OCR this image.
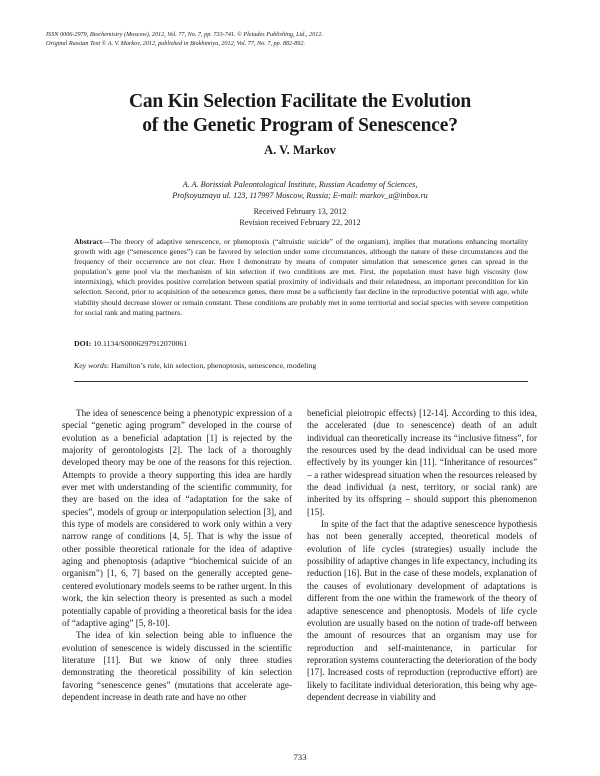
ISSN 0006-2979, Biochemistry (Moscow), 2012, Vol. 77, No. 7, pp. 733-741. © Pleiades Publishing, Ltd., 2012.
Original Russian Text © A. V. Markov, 2012, published in Biokhimiya, 2012, Vol. 77, No. 7, pp. 882-892.
Can Kin Selection Facilitate the Evolution
of the Genetic Program of Senescence?
A. V. Markov
A. A. Borissiak Paleontological Institute, Russian Academy of Sciences,
Profsoyuznaya ul. 123, 117997 Moscow, Russia; E-mail: markov_a@inbox.ru
Received February 13, 2012
Revision received February 22, 2012
Abstract—The theory of adaptive senescence, or phenoptosis (“altruistic suicide” of the organism), implies that mutations enhancing mortality growth with age (“senescence genes”) can be favored by selection under some circumstances, although the nature of these circumstances and the frequency of their occurrence are not clear. Here I demonstrate by means of computer simulation that senescence genes can spread in the population’s gene pool via the mechanism of kin selection if two conditions are met. First, the population must have high viscosity (low intermixing), which provides positive correlation between spatial proximity of individuals and their relatedness, an important precondition for kin selection. Second, prior to acquisition of the senescence genes, there must be a sufficiently fast decline in the reproductive potential with age, while viability should decrease slower or remain constant. These conditions are probably met in some territorial and social species with severe competition for social rank and mating partners.
DOI: 10.1134/S0006297912070061
Key words: Hamilton’s rule, kin selection, phenoptosis, senescence, modeling

The idea of senescence being a phenotypic expression of a special “genetic aging program” developed in the course of evolution as a beneficial adaptation [1] is rejected by the majority of gerontologists [2]. The lack of a thoroughly developed theory may be one of the reasons for this rejection. Attempts to provide a theory supporting this idea are hardly ever met with understanding of the scientific community, for they are based on the idea of “adaptation for the sake of species”, models of group or interpopulation selection [3], and this type of models are considered to work only within a very narrow range of conditions [4, 5]. That is why the issue of other possible theoretical rationale for the idea of adaptive aging and phenoptosis (adaptive “biochemical suicide of an organism”) [1, 6, 7] based on the generally accepted gene-centered evolutionary models seems to be rather urgent. In this work, the kin selection theory is presented as such a model potentially capable of providing a theoretical basis for the idea of “adaptive aging” [5, 8-10].

The idea of kin selection being able to influence the evolution of senescence is widely discussed in the scientific literature [11]. But we know of only three studies demonstrating the theoretical possibility of kin selection favoring “senescence genes” (mutations that accelerate age-dependent increase in death rate and have no other

beneficial pleiotropic effects) [12-14]. According to this idea, the accelerated (due to senescence) death of an adult individual can theoretically increase its “inclusive fitness”, for the resources used by the dead individual can be used more effectively by its younger kin [11]. “Inheritance of resources” – a rather widespread situation when the resources released by the dead individual (a nest, territory, or social rank) are inherited by its offspring – should support this phenomenon [15].

In spite of the fact that the adaptive senescence hypothesis has not been generally accepted, theoretical models of evolution of life cycles (strategies) usually include the possibility of adaptive changes in life expectancy, including its reduction [16]. But in the case of these models, explanation of the causes of evolutionary development of adaptations is different from the one within the framework of the theory of adaptive senescence and phenoptosis. Models of life cycle evolution are usually based on the notion of trade-off between the amount of resources that an organism may use for reproduction and self-maintenance, in particular for reproration systems counteracting the deterioration of the body [17]. Increased costs of reproduction (reproductive effort) are likely to facilitate individual deterioration, this being why age-dependent decrease in viability and

733
